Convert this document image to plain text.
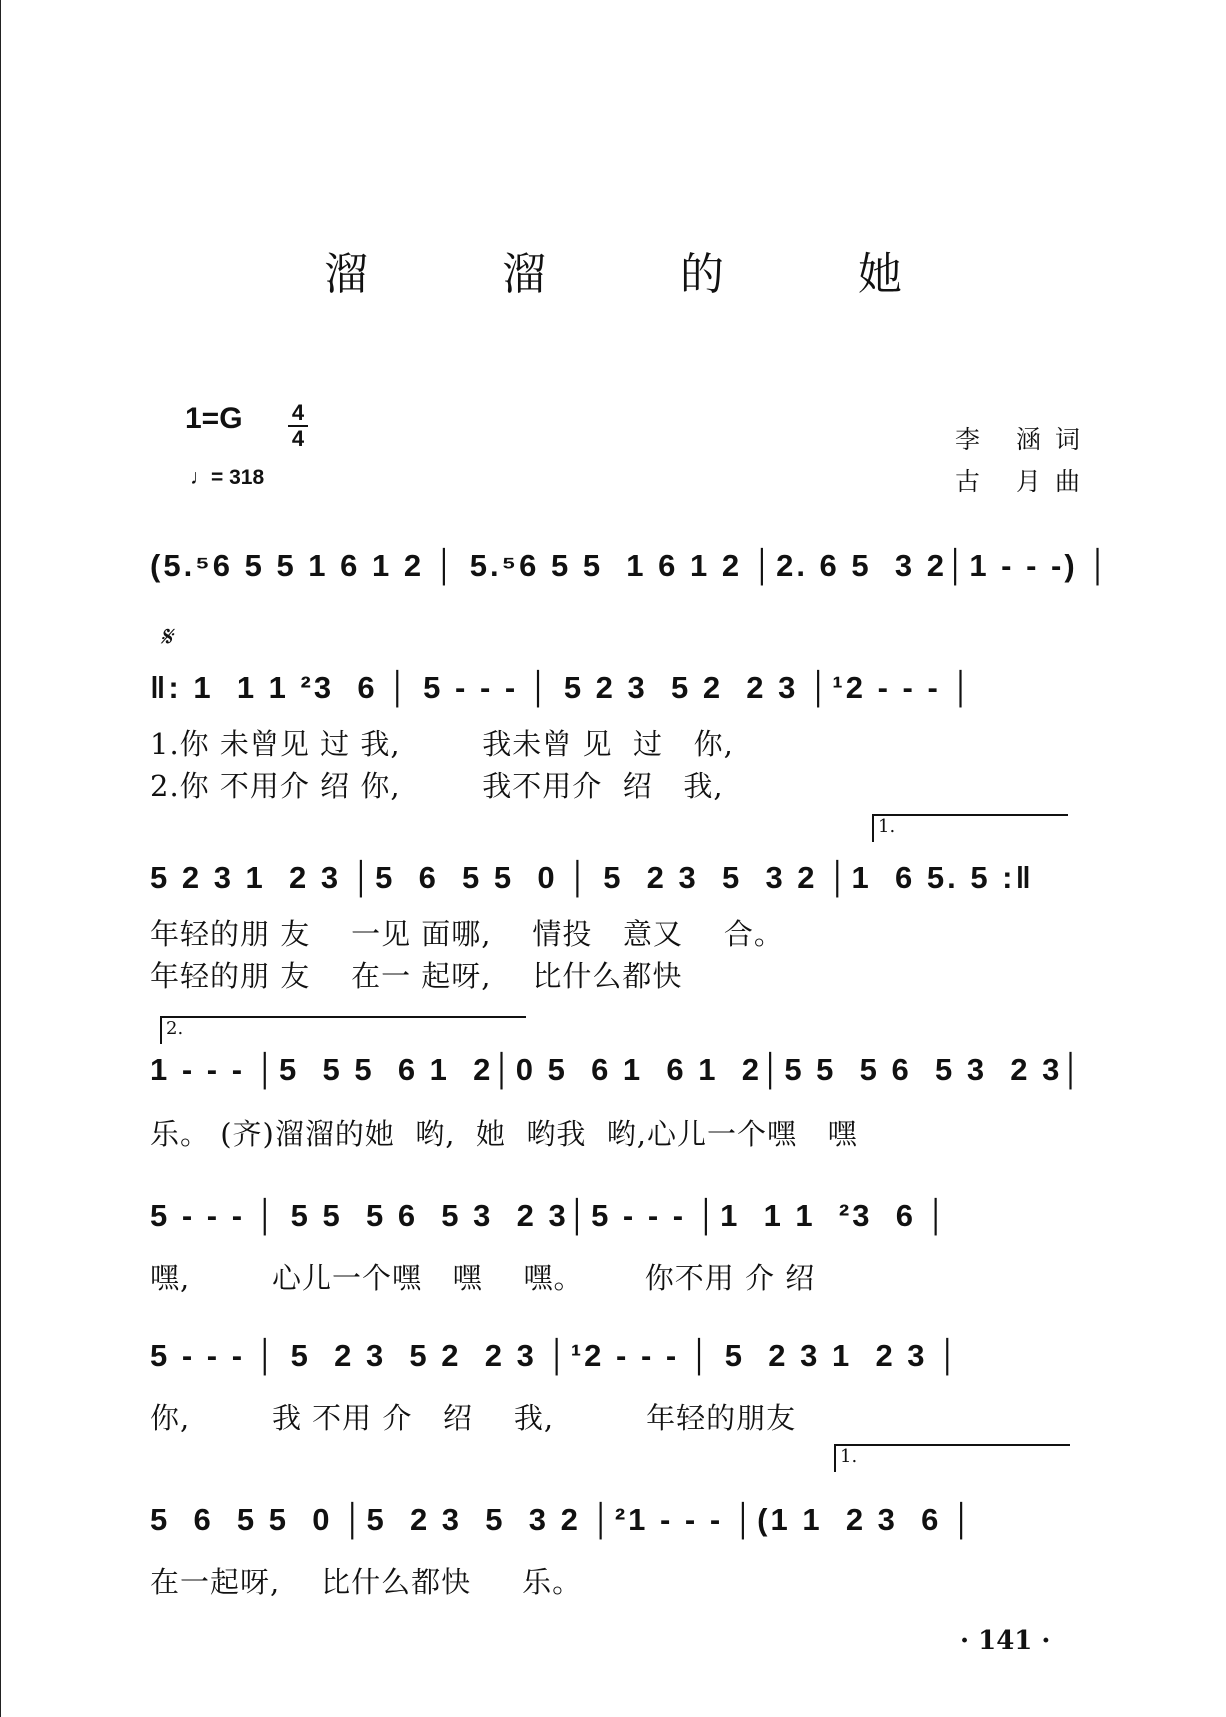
溜 溜 的 她
1=G 4
4
♩= 318
李 涵词
古 月曲
𝄋
(5.⁵6 5 5 1 6 1 2 │ 5.⁵6 5 5  1 6 1 2 │2. 6 5  3 2│1 - - -) │
‖: 1  1 1 ²3  6 │ 5 - - - │ 5 2 3  5 2  2 3 │¹2 - - - │
1.你 未曾见 过 我,        我未曾 见  过   你,
2.你 不用介 绍 你,        我不用介  绍   我,
1.
5 2 3 1  2 3 │5  6  5 5  0 │ 5  2 3  5  3 2 │1  6 5. 5 :‖
年轻的朋 友    一见 面哪,    情投   意又    合。
年轻的朋 友    在一 起呀,    比什么都快
2.
1 - - - │5  5 5  6 1  2│0 5  6 1  6 1  2│5 5  5 6  5 3  2 3│
乐。 (齐)溜溜的她  哟,  她  哟我  哟,心儿一个嘿   嘿
5 - - - │ 5 5  5 6  5 3  2 3│5 - - - │1  1 1  ²3  6 │
嘿,        心儿一个嘿   嘿    嘿。      你不用 介 绍
5 - - - │ 5  2 3  5 2  2 3 │¹2 - - - │ 5  2 3 1  2 3 │
你,        我 不用 介   绍    我,         年轻的朋友
1.
5  6  5 5  0 │5  2 3  5  3 2 │²1 - - - │(1 1  2 3  6 │
在一起呀,    比什么都快     乐。
· 141 ·
